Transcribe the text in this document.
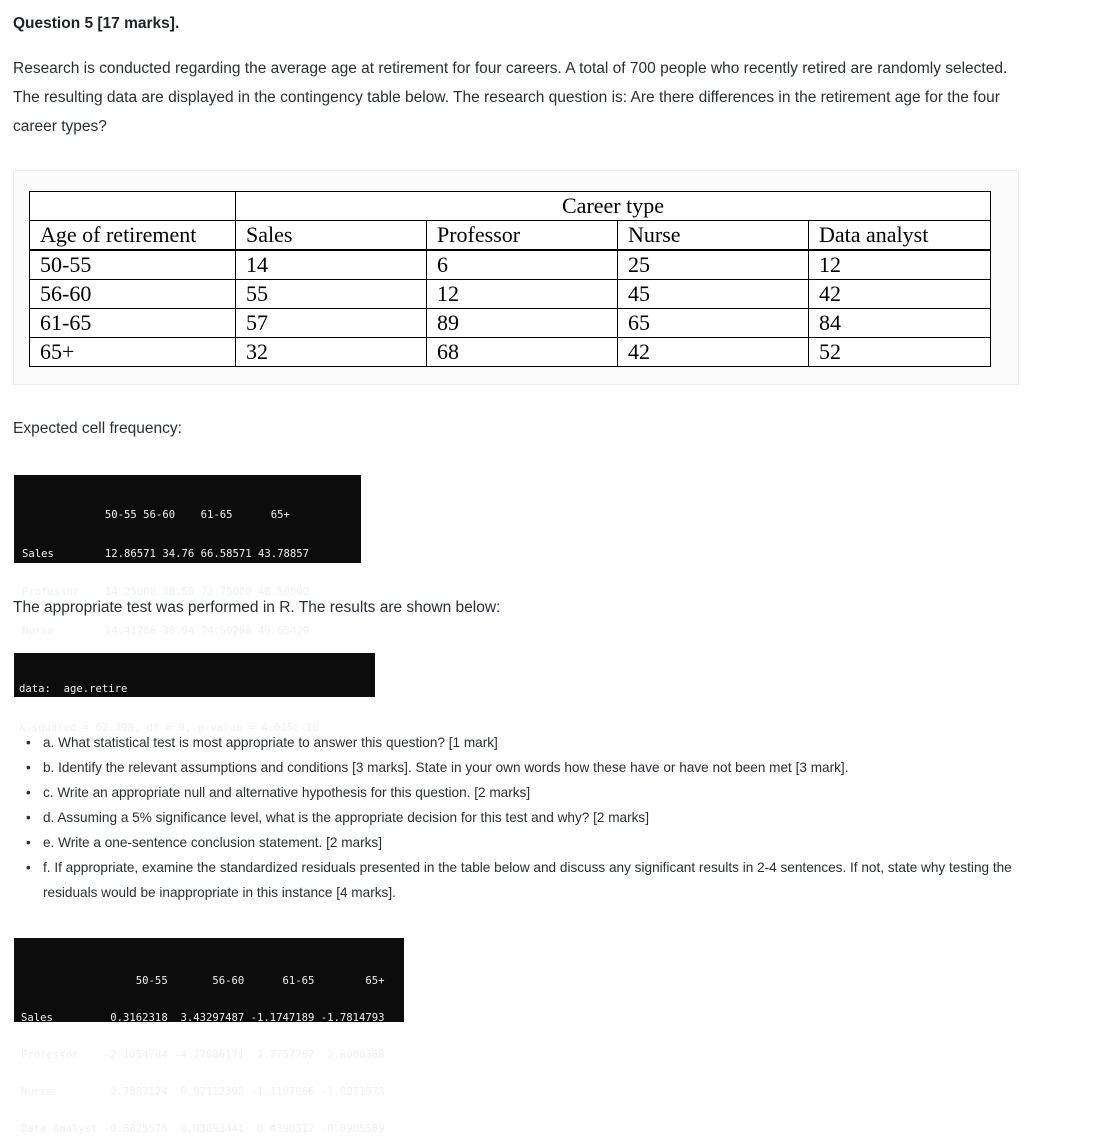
Question 5 [17 marks].
Research is conducted regarding the average age at retirement for four careers. A total of 700 people who recently retired are randomly selected. The resulting data are displayed in the contingency table below. The research question is: Are there differences in the retirement age for the four career types?
	Career type			
Age of retirement	Sales	Professor	Nurse	Data analyst
50-55	14	6	25	12
56-60	55	12	45	42
61-65	57	89	65	84
65+	32	68	42	52
Expected cell frequency:

50-55 56-60    61-65      65+

Sales        12.86571 34.76 66.58571 43.78857

Professor    14.25000 38.50 73.75000 48.50000

Nurse        14.41286 38.94 74.59286 49.05429

The appropriate test was performed in R. The results are shown below:

data:  age.retire

X-squared = 62.398, df = 9, p-value = 4.615e-10

• a. What statistical test is most appropriate to answer this question? [1 mark]
• b. Identify the relevant assumptions and conditions [3 marks]. State in your own words how these have or have not been met [3 mark].
• c. Write an appropriate null and alternative hypothesis for this question. [2 marks]
• d. Assuming a 5% significance level, what is the appropriate decision for this test and why? [2 marks]
• e. Write a one-sentence conclusion statement. [2 marks]
• f. If appropriate, examine the standardized residuals presented in the table below and discuss any significant results in 2-4 sentences. If not, state why testing the residuals would be inappropriate in this instance [4 marks].

50-55       56-60      61-65        65+

Sales         0.3162318  3.43297487 -1.1747189 -1.7814793

Professor    -2.1854784 -4.27086171  1.7757787  2.8000368

Nurse         2.7887124  0.97112392 -1.1107066 -1.0071973

Data Analyst -0.8825575  0.03093441  0.4390317 -0.0905589
